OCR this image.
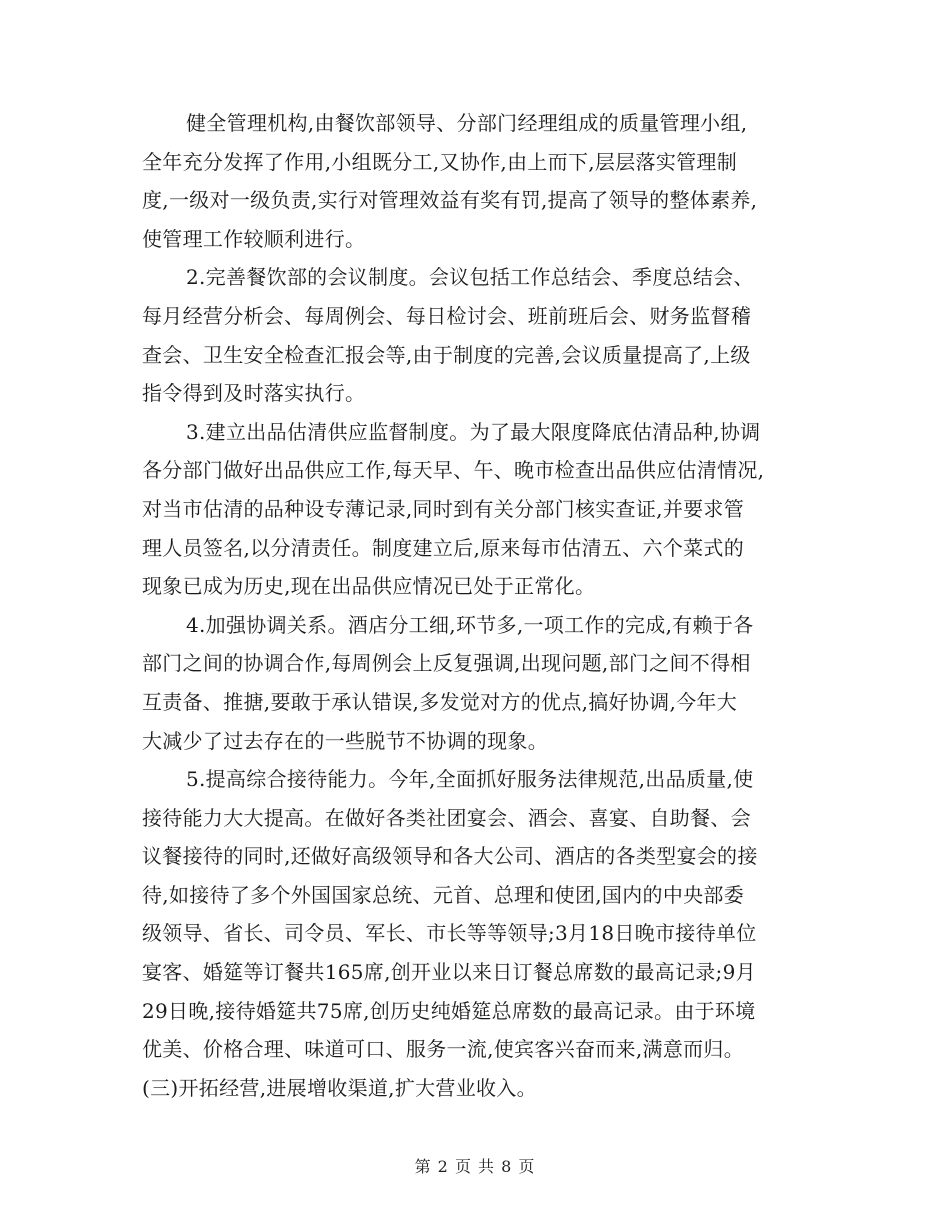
健全管理机构,由餐饮部领导、分部门经理组成的质量管理小组,
全年充分发挥了作用,小组既分工,又协作,由上而下,层层落实管理制
度,一级对一级负责,实行对管理效益有奖有罚,提高了领导的整体素养,
使管理工作较顺利进行。
2.完善餐饮部的会议制度。会议包括工作总结会、季度总结会、
每月经营分析会、每周例会、每日检讨会、班前班后会、财务监督稽
查会、卫生安全检查汇报会等,由于制度的完善,会议质量提高了,上级
指令得到及时落实执行。
3.建立出品估清供应监督制度。为了最大限度降底估清品种,协调
各分部门做好出品供应工作,每天早、午、晚市检查出品供应估清情况,
对当市估清的品种设专薄记录,同时到有关分部门核实查证,并要求管
理人员签名,以分清责任。制度建立后,原来每市估清五、六个菜式的
现象已成为历史,现在出品供应情况已处于正常化。
4.加强协调关系。酒店分工细,环节多,一项工作的完成,有赖于各
部门之间的协调合作,每周例会上反复强调,出现问题,部门之间不得相
互责备、推搪,要敢于承认错误,多发觉对方的优点,搞好协调,今年大
大减少了过去存在的一些脱节不协调的现象。
5.提高综合接待能力。今年,全面抓好服务法律规范,出品质量,使
接待能力大大提高。在做好各类社团宴会、酒会、喜宴、自助餐、会
议餐接待的同时,还做好高级领导和各大公司、酒店的各类型宴会的接
待,如接待了多个外国国家总统、元首、总理和使团,国内的中央部委
级领导、省长、司令员、军长、市长等等领导;3月18日晚市接待单位
宴客、婚筵等订餐共165席,创开业以来日订餐总席数的最高记录;9月
29日晚,接待婚筵共75席,创历史纯婚筵总席数的最高记录。由于环境
优美、价格合理、味道可口、服务一流,使宾客兴奋而来,满意而归。
(三)开拓经营,进展增收渠道,扩大营业收入。
第 2 页 共 8 页
